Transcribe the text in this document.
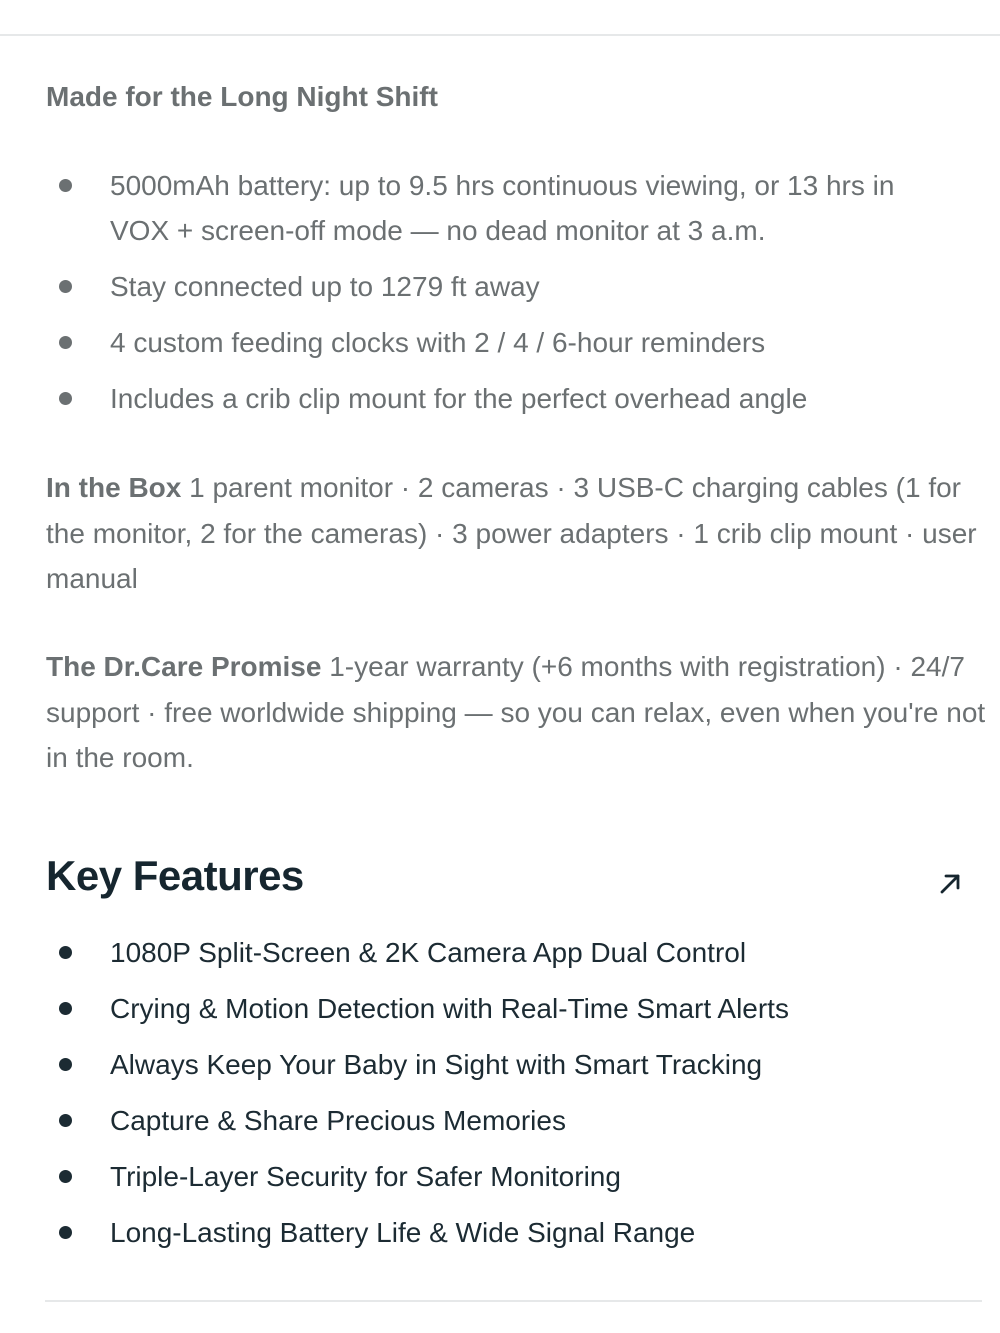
Made for the Long Night Shift
5000mAh battery: up to 9.5 hrs continuous viewing, or 13 hrs in VOX + screen-off mode — no dead monitor at 3 a.m.
Stay connected up to 1279 ft away
4 custom feeding clocks with 2 / 4 / 6-hour reminders
Includes a crib clip mount for the perfect overhead angle

In the Box 1 parent monitor · 2 cameras · 3 USB-C charging cables (1 for the monitor, 2 for the cameras) · 3 power adapters · 1 crib clip mount · user manual

The Dr.Care Promise 1-year warranty (+6 months with registration) · 24/7 support · free worldwide shipping — so you can relax, even when you're not in the room.

Key Features
1080P Split-Screen & 2K Camera App Dual Control
Crying & Motion Detection with Real-Time Smart Alerts
Always Keep Your Baby in Sight with Smart Tracking
Capture & Share Precious Memories
Triple-Layer Security for Safer Monitoring
Long-Lasting Battery Life & Wide Signal Range
